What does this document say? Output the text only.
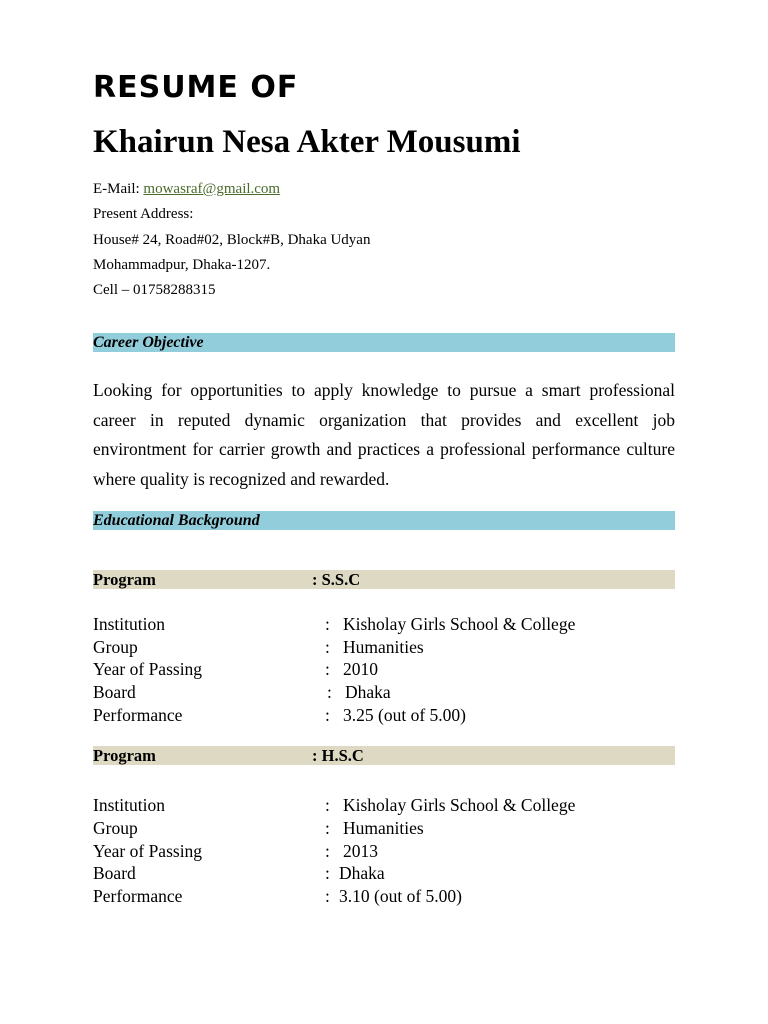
RESUME OF
Khairun Nesa Akter Mousumi
E-Mail: mowasraf@gmail.com
Present Address:
House# 24, Road#02, Block#B, Dhaka Udyan
Mohammadpur, Dhaka-1207.
Cell – 01758288315
Career Objective
Looking for opportunities to apply knowledge to pursue a smart professional career in reputed dynamic organization that provides and excellent job environtment for carrier growth and practices a professional performance culture where quality is recognized and rewarded.
Educational Background
Program	: S.S.C
Institution	: Kisholay Girls School & College
Group	: Humanities
Year of Passing	: 2010
Board	: Dhaka
Performance	: 3.25 (out of 5.00)
Program	: H.S.C
Institution	: Kisholay Girls School & College
Group	: Humanities
Year of Passing	: 2013
Board	: Dhaka
Performance	: 3.10 (out of 5.00)
